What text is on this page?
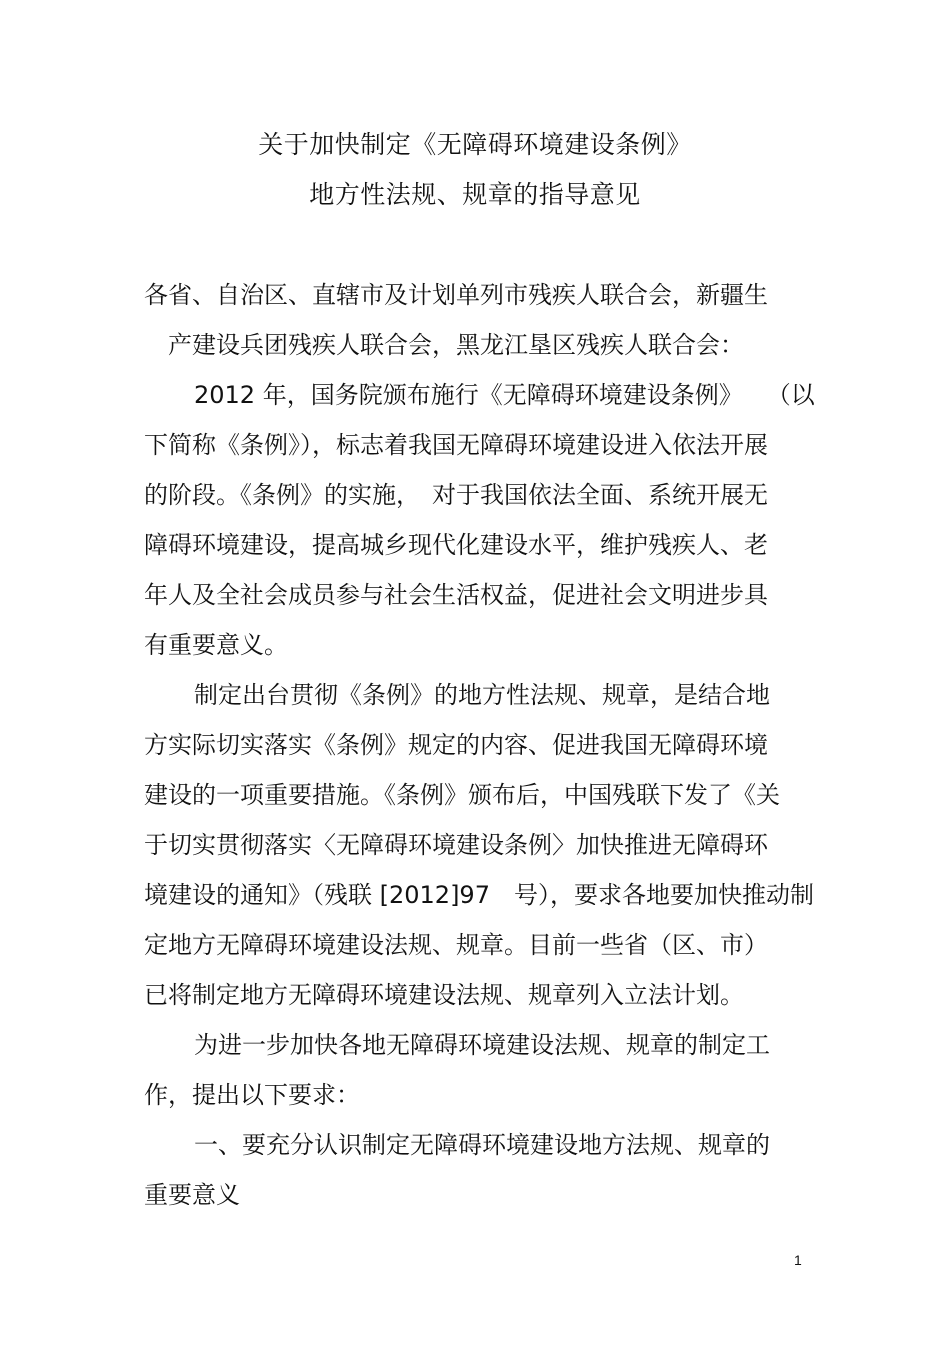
关于加快制定《无障碍环境建设条例》
地方性法规、规章的指导意见
各省、自治区、直辖市及计划单列市残疾人联合会，新疆生
产建设兵团残疾人联合会，黑龙江垦区残疾人联合会：
2012 年，国务院颁布施行《无障碍环境建设条例》　　（以
下简称《条例》），标志着我国无障碍环境建设进入依法开展
的阶段。《条例》的实施，　对于我国依法全面、系统开展无
障碍环境建设，提高城乡现代化建设水平，维护残疾人、老
年人及全社会成员参与社会生活权益，促进社会文明进步具
有重要意义。
制定出台贯彻《条例》的地方性法规、规章，是结合地
方实际切实落实《条例》规定的内容、促进我国无障碍环境
建设的一项重要措施。《条例》颁布后，中国残联下发了《关
于切实贯彻落实〈无障碍环境建设条例〉加快推进无障碍环
境建设的通知》（残联 [2012]97　号），要求各地要加快推动制
定地方无障碍环境建设法规、规章。目前一些省（区、市）
已将制定地方无障碍环境建设法规、规章列入立法计划。
为进一步加快各地无障碍环境建设法规、规章的制定工
作，提出以下要求：
一、要充分认识制定无障碍环境建设地方法规、规章的
重要意义
1
